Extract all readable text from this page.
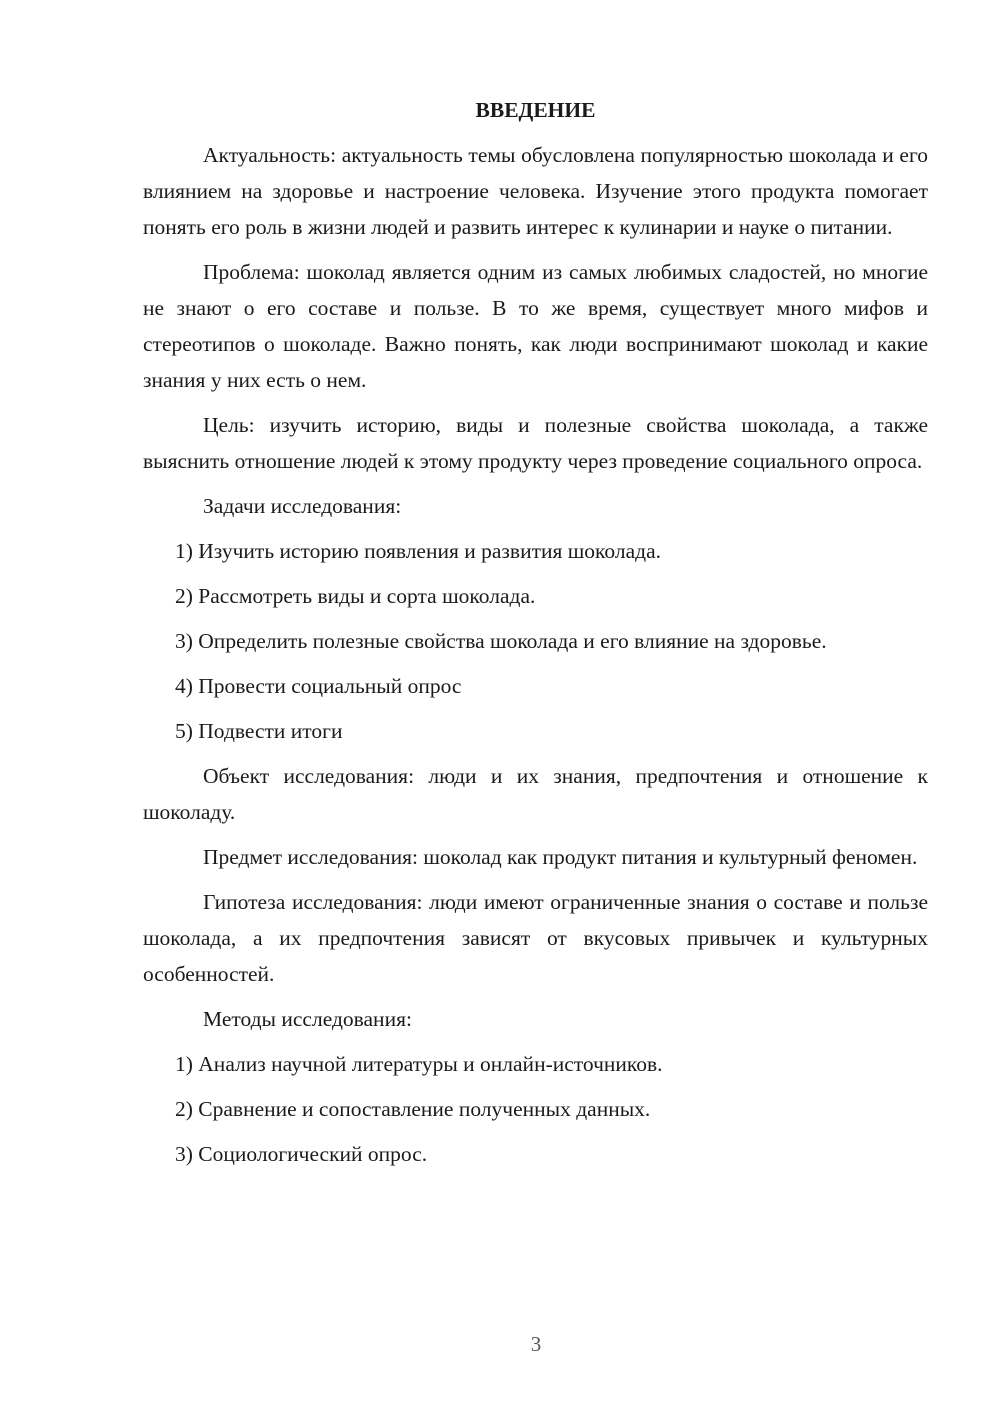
ВВЕДЕНИЕ

Актуальность: актуальность темы обусловлена популярностью шоколада и его влиянием на здоровье и настроение человека. Изучение этого продукта помогает понять его роль в жизни людей и развить интерес к кулинарии и науке о питании.

Проблема: шоколад является одним из самых любимых сладостей, но многие не знают о его составе и пользе. В то же время, существует много мифов и стереотипов о шоколаде. Важно понять, как люди воспринимают шоколад и какие знания у них есть о нем.

Цель: изучить историю, виды и полезные свойства шоколада, а также выяснить отношение людей к этому продукту через проведение социального опроса.

Задачи исследования:

1) Изучить историю появления и развития шоколада.

2) Рассмотреть виды и сорта шоколада.

3) Определить полезные свойства шоколада и его влияние на здоровье.

4) Провести социальный опрос

5) Подвести итоги

Объект исследования: люди и их знания, предпочтения и отношение к шоколаду.

Предмет исследования: шоколад как продукт питания и культурный феномен.

Гипотеза исследования: люди имеют ограниченные знания о составе и пользе шоколада, а их предпочтения зависят от вкусовых привычек и культурных особенностей.

Методы исследования:

1) Анализ научной литературы и онлайн-источников.

2) Сравнение и сопоставление полученных данных.

3) Социологический опрос.

3
